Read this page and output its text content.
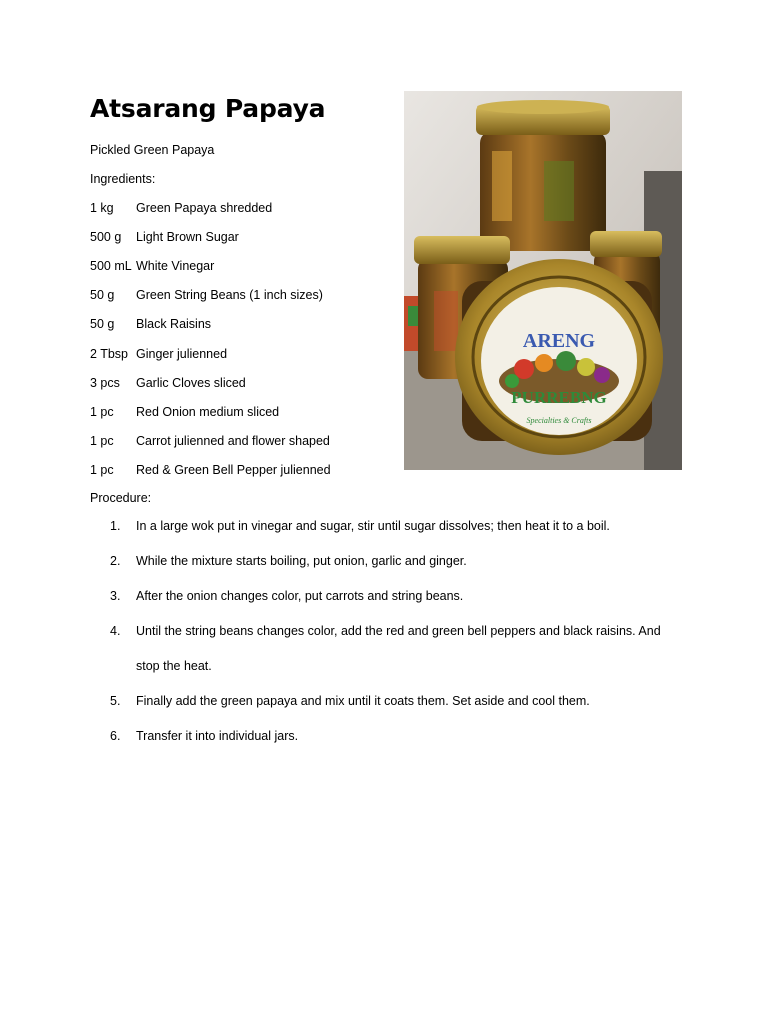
Atsarang Papaya
Pickled Green Papaya
Ingredients:
1 kg Green Papaya shredded
500 g Light Brown Sugar
500 mL White Vinegar
50 g Green String Beans (1 inch sizes)
50 g Black Raisins
2 Tbsp Ginger julienned
3 pcs Garlic Cloves sliced
1 pc Red Onion medium sliced
1 pc Carrot julienned and flower shaped
1 pc Red & Green Bell Pepper julienned
Procedure:
1. In a large wok put in vinegar and sugar, stir until sugar dissolves; then heat it to a boil.
2. While the mixture starts boiling, put onion, garlic and ginger.
3. After the onion changes color, put carrots and string beans.
4. Until the string beans changes color, add the red and green bell peppers and black raisins. And
stop the heat.
5. Finally add the green papaya and mix until it coats them. Set aside and cool them.
6. Transfer it into individual jars.
ARENG
PURREBNG
Specialties & Crafts
